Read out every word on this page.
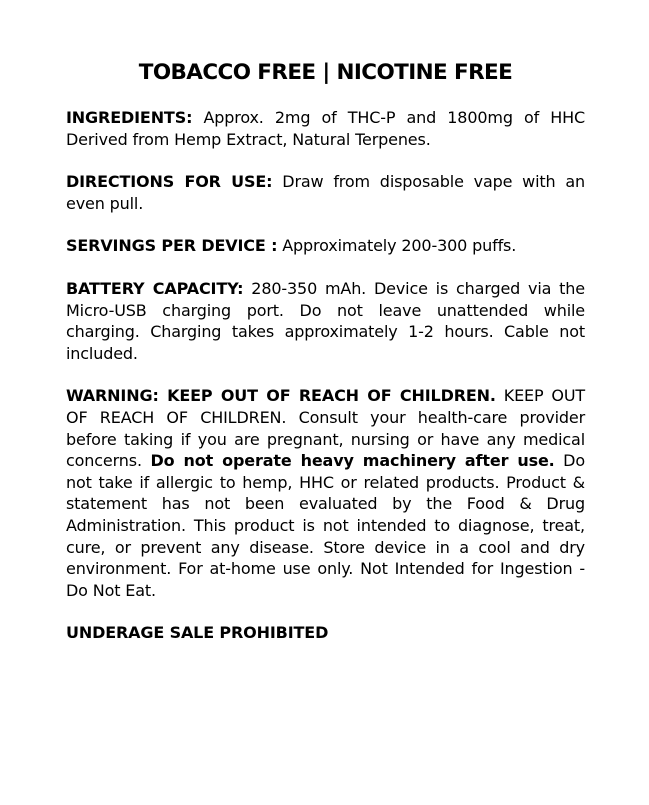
TOBACCO FREE | NICOTINE FREE

INGREDIENTS: Approx. 2mg of THC-P and 1800mg of HHC Derived from Hemp Extract, Natural Terpenes.

DIRECTIONS FOR USE: Draw from disposable vape with an even pull.

SERVINGS PER DEVICE : Approximately 200-300 puffs.

BATTERY CAPACITY: 280-350 mAh. Device is charged via the Micro-USB charging port. Do not leave unattended while charging. Charging takes approximately 1-2 hours. Cable not included.

WARNING: KEEP OUT OF REACH OF CHILDREN. KEEP OUT OF REACH OF CHILDREN. Consult your health-care provider before taking if you are pregnant, nursing or have any medical concerns. Do not operate heavy machinery after use. Do not take if allergic to hemp, HHC or related products. Product & statement has not been evaluated by the Food & Drug Administration. This product is not intended to diagnose, treat, cure, or prevent any disease. Store device in a cool and dry environment. For at-home use only. Not Intended for Ingestion - Do Not Eat.

UNDERAGE SALE PROHIBITED
